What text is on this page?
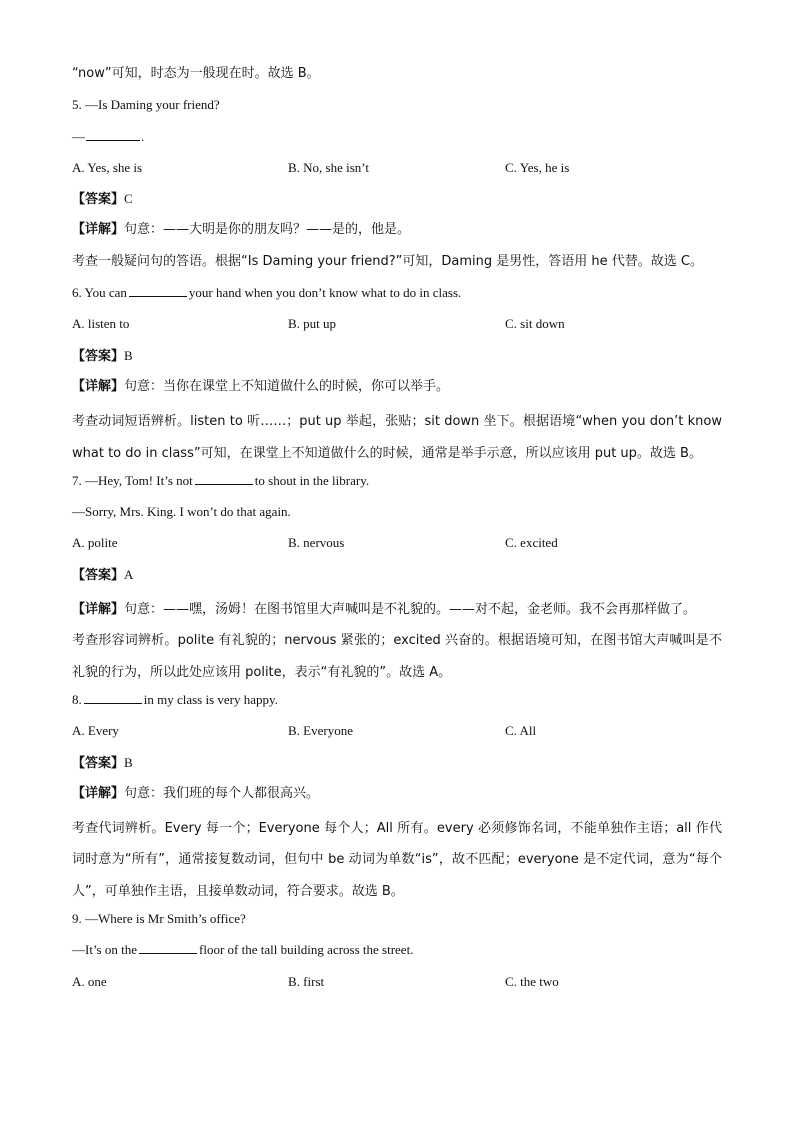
“now”可知，时态为一般现在时。故选 B。
5. —Is Daming your friend?
—	.
A. Yes, she is	B. No, she isn’t	C. Yes, he is
【答案】C
【详解】句意：——大明是你的朋友吗？——是的，他是。
考查一般疑问句的答语。根据“Is Daming your friend?”可知，Daming 是男性，答语用 he 代替。故选 C。
6. You can	your hand when you don’t know what to do in class.
A. listen to	B. put up	C. sit down
【答案】B
【详解】句意：当你在课堂上不知道做什么的时候，你可以举手。
考查动词短语辨析。listen to 听……；put up 举起，张贴；sit down 坐下。根据语境“when you don’t know what to do in class”可知，在课堂上不知道做什么的时候，通常是举手示意，所以应该用 put up。故选 B。
7. —Hey, Tom! It’s not	to shout in the library.
—Sorry, Mrs. King. I won’t do that again.
A. polite	B. nervous	C. excited
【答案】A
【详解】句意：——嘿，汤姆！在图书馆里大声喊叫是不礼貌的。——对不起，金老师。我不会再那样做了。
考查形容词辨析。polite 有礼貌的；nervous 紧张的；excited 兴奋的。根据语境可知，在图书馆大声喊叫是不礼貌的行为，所以此处应该用 polite，表示“有礼貌的”。故选 A。
8.	in my class is very happy.
A. Every	B. Everyone	C. All
【答案】B
【详解】句意：我们班的每个人都很高兴。
考查代词辨析。Every 每一个；Everyone 每个人；All 所有。every 必须修饰名词，不能单独作主语；all 作代词时意为“所有”，通常接复数动词，但句中 be 动词为单数“is”，故不匹配；everyone 是不定代词，意为“每个人”，可单独作主语，且接单数动词，符合要求。故选 B。
9. —Where is Mr Smith’s office?
—It’s on the	floor of the tall building across the street.
A. one	B. first	C. the two
